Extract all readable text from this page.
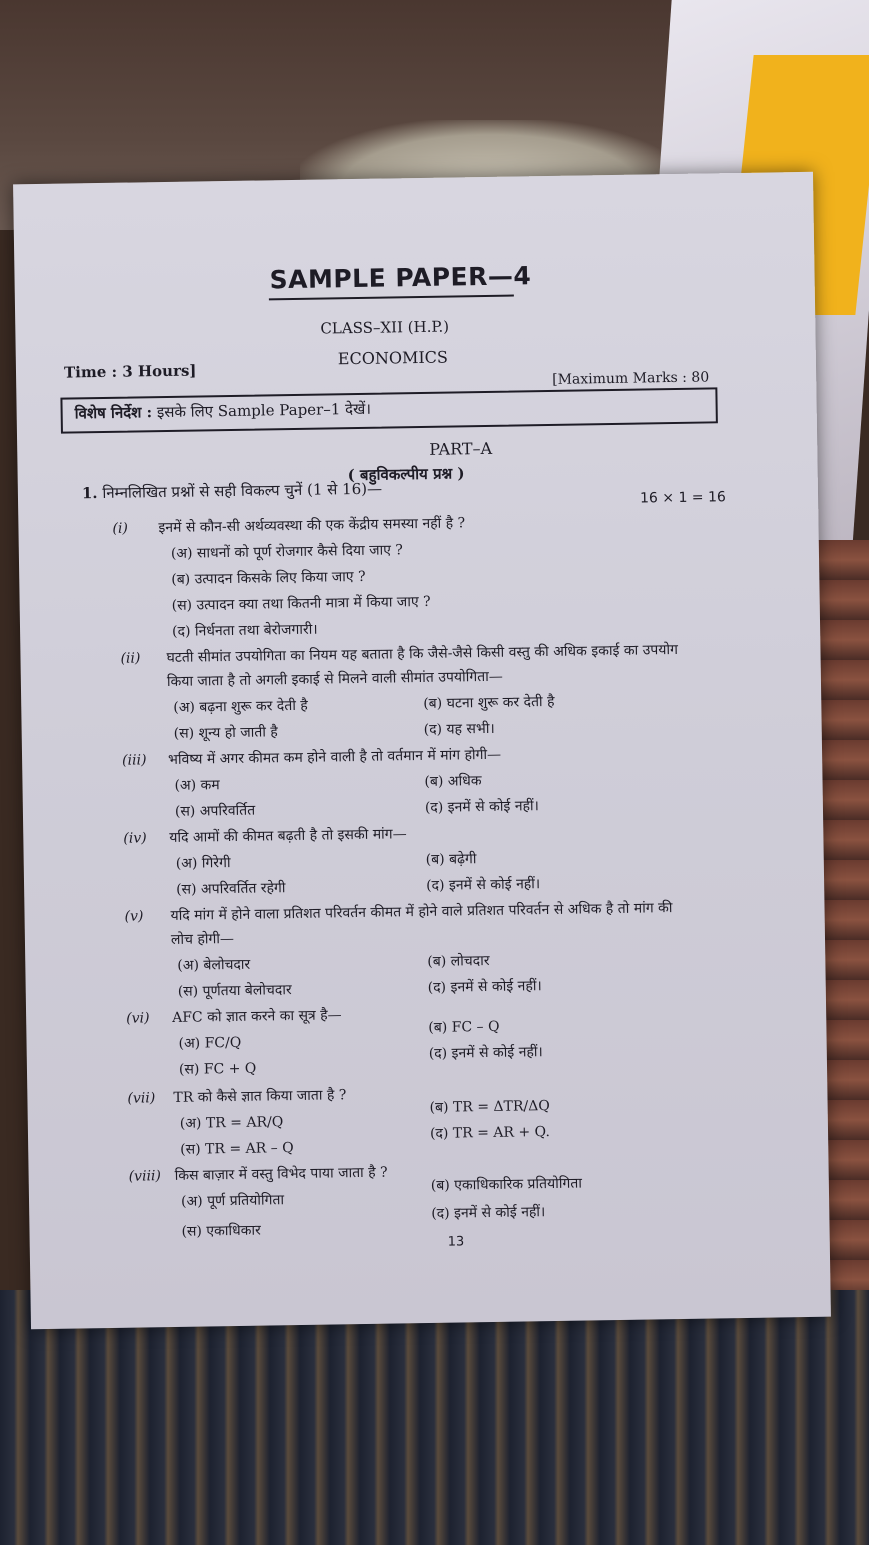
SAMPLE PAPER—4
CLASS–XII (H.P.)
ECONOMICS
Time : 3 Hours]	[Maximum Marks : 80
विशेष निर्देश : इसके लिए Sample Paper–1 देखें।
PART–A
( बहुविकल्पीय प्रश्न )
1. निम्नलिखित प्रश्नों से सही विकल्प चुनें (1 से 16)—	16 × 1 = 16
(i) इनमें से कौन-सी अर्थव्यवस्था की एक केंद्रीय समस्या नहीं है ?
(अ) साधनों को पूर्ण रोजगार कैसे दिया जाए ?
(ब) उत्पादन किसके लिए किया जाए ?
(स) उत्पादन क्या तथा कितनी मात्रा में किया जाए ?
(द) निर्धनता तथा बेरोजगारी।
(ii) घटती सीमांत उपयोगिता का नियम यह बताता है कि जैसे-जैसे किसी वस्तु की अधिक इकाई का उपयोग
किया जाता है तो अगली इकाई से मिलने वाली सीमांत उपयोगिता—
(अ) बढ़ना शुरू कर देती है	(ब) घटना शुरू कर देती है
(स) शून्य हो जाती है	(द) यह सभी।
(iii) भविष्य में अगर कीमत कम होने वाली है तो वर्तमान में मांग होगी—
(अ) कम	(ब) अधिक
(स) अपरिवर्तित	(द) इनमें से कोई नहीं।
(iv) यदि आमों की कीमत बढ़ती है तो इसकी मांग—
(अ) गिरेगी	(ब) बढ़ेगी
(स) अपरिवर्तित रहेगी	(द) इनमें से कोई नहीं।
(v) यदि मांग में होने वाला प्रतिशत परिवर्तन कीमत में होने वाले प्रतिशत परिवर्तन से अधिक है तो मांग की
लोच होगी—
(अ) बेलोचदार	(ब) लोचदार
(स) पूर्णतया बेलोचदार	(द) इनमें से कोई नहीं।
(vi) AFC को ज्ञात करने का सूत्र है—
(अ) FC/Q
(ब) FC – Q
(स) FC + Q
(द) इनमें से कोई नहीं।
(vii) TR को कैसे ज्ञात किया जाता है ?
(अ) TR = AR/Q
(ब) TR = ΔTR/ΔQ
(स) TR = AR – Q
(द) TR = AR + Q.
(viii) किस बाज़ार में वस्तु विभेद पाया जाता है ?
(अ) पूर्ण प्रतियोगिता
(ब) एकाधिकारिक प्रतियोगिता
(स) एकाधिकार
(द) इनमें से कोई नहीं।
13
